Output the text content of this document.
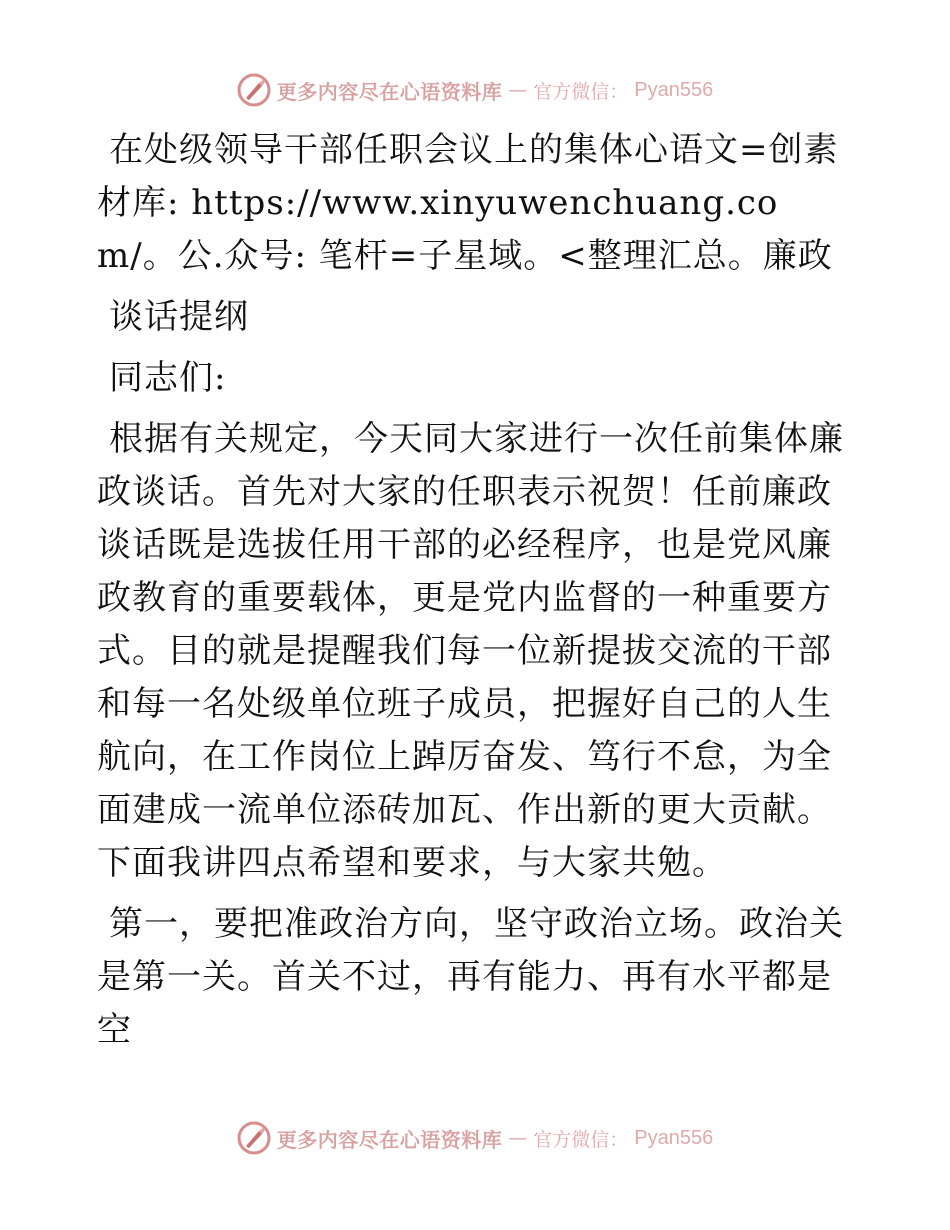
更多内容尽在心语资料库 — 官方微信： Pyan556

在处级领导干部任职会议上的集体心语文=创素材库: https://www.xinyuwenchuang.com/。公.众号: 笔杆=子星域。<整理汇总。廉政

谈话提纲

同志们:

根据有关规定，今天同大家进行一次任前集体廉政谈话。首先对大家的任职表示祝贺！任前廉政谈话既是选拔任用干部的必经程序，也是党风廉政教育的重要载体，更是党内监督的一种重要方式。目的就是提醒我们每一位新提拔交流的干部和每一名处级单位班子成员，把握好自己的人生航向，在工作岗位上踔厉奋发、笃行不怠，为全面建成一流单位添砖加瓦、作出新的更大贡献。下面我讲四点希望和要求，与大家共勉。

第一，要把准政治方向，坚守政治立场。政治关是第一关。首关不过，再有能力、再有水平都是空

更多内容尽在心语资料库 — 官方微信： Pyan556
